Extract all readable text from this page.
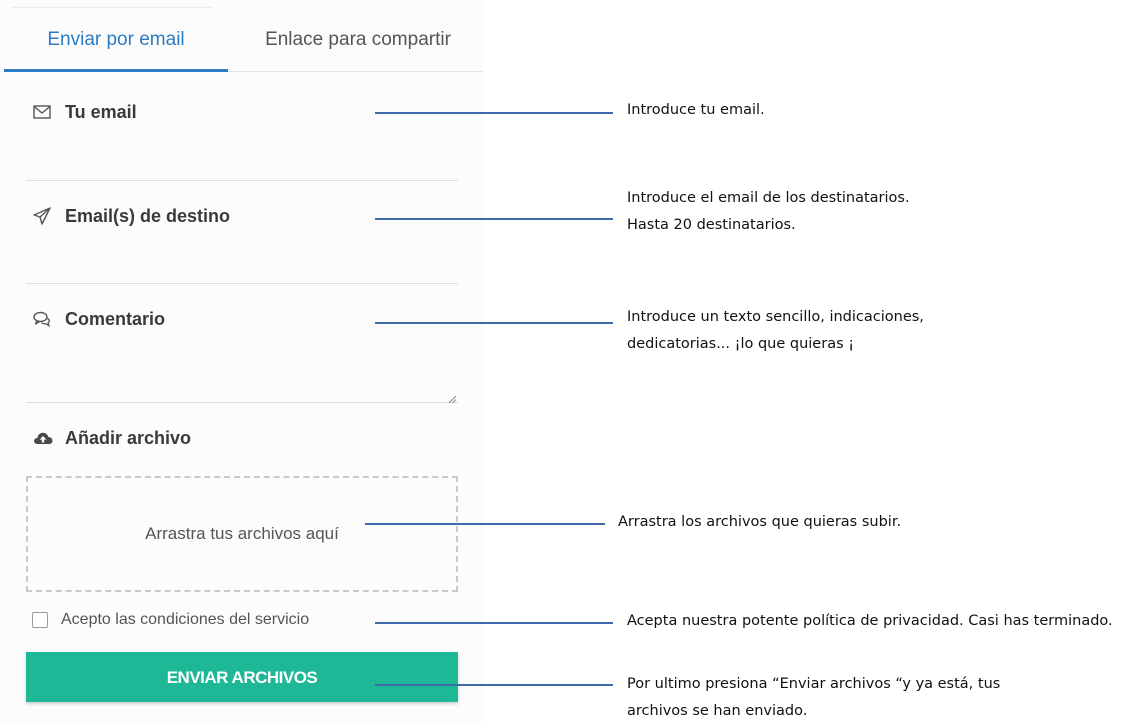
Enviar por email	Enlace para compartir
Tu email
Email(s) de destino
Comentario
Añadir archivo
Arrastra tus archivos aquí
Acepto las condiciones del servicio
ENVIAR ARCHIVOS
Introduce tu email.
Introduce el email de los destinatarios.
Hasta 20 destinatarios.
Introduce un texto sencillo, indicaciones,
dedicatorias... ¡lo que quieras ¡
Arrastra los archivos que quieras subir.
Acepta nuestra potente política de privacidad. Casi has terminado.
Por ultimo presiona “Enviar archivos “y ya está, tus
archivos se han enviado.
